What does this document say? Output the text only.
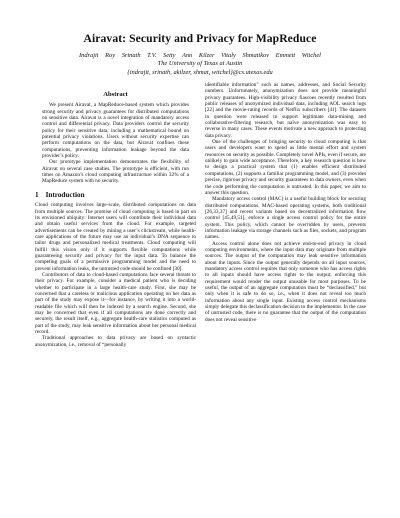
Airavat: Security and Privacy for MapReduce
Indrajit Roy Srinath T.V. Setty Ann Kilzer Vitaly Shmatikov Emmett Witchel
The University of Texas at Austin
{indrajit, srinath, akilzer, shmat, witchel}@cs.utexas.edu
Abstract

We present Airavat, a MapReduce-based system which provides strong security and privacy guarantees for distributed computations on sensitive data. Airavat is a novel integration of mandatory access control and differential privacy. Data providers control the security policy for their sensitive data, including a mathematical bound on potential privacy violations. Users without security expertise can perform computations on the data, but Airavat confines these computations, preventing information leakage beyond the data provider’s policy.

Our prototype implementation demonstrates the flexibility of Airavat on several case studies. The prototype is efficient, with run times on Amazon’s cloud computing infrastructure within 32% of a MapReduce system with no security.

1 Introduction

Cloud computing involves large-scale, distributed computations on data from multiple sources. The promise of cloud computing is based in part on its envisioned ubiquity: Internet users will contribute their individual data and obtain useful services from the cloud. For example, targeted advertisements can be created by mining a user’s clickstream, while health-care applications of the future may use an individual’s DNA sequence to tailor drugs and personalized medical treatments. Cloud computing will fulfill this vision only if it supports flexible computations while guaranteeing security and privacy for the input data. To balance the competing goals of a permissive programming model and the need to prevent information leaks, the untrusted code should be confined [30].

Contributors of data to cloud-based computations face several threats to their privacy. For example, consider a medical patient who is deciding whether to participate in a large health-care study. First, she may be concerned that a careless or malicious application operating on her data as part of the study may expose it—for instance, by writing it into a world-readable file which will then be indexed by a search engine. Second, she may be concerned that even if all computations are done correctly and securely, the result itself, e.g., aggregate health-care statistics computed as part of the study, may leak sensitive information about her personal medical record.

Traditional approaches to data privacy are based on syntactic anonymization, i.e., removal of “personally

identifiable information” such as names, addresses, and Social Security numbers. Unfortunately, anonymization does not provide meaningful privacy guarantees. High-visibility privacy fiascoes recently resulted from public releases of anonymized individual data, including AOL search logs [22] and the movie-rating records of Netflix subscribers [41]. The datasets in question were released to support legitimate data-mining and collaborative-filtering research, but naïve anonymization was easy to reverse in many cases. These events motivate a new approach to protecting data privacy.

One of the challenges of bringing security to cloud computing is that users and developers want to spend as little mental effort and system resources on security as possible. Completely novel APIs, even if secure, are unlikely to gain wide acceptance. Therefore, a key research question is how to design a practical system that (1) enables efficient distributed computations, (2) supports a familiar programming model, and (3) provides precise, rigorous privacy and security guarantees to data owners, even when the code performing the computation is untrusted. In this paper, we aim to answer this question.

Mandatory access control (MAC) is a useful building block for securing distributed computations. MAC-based operating systems, both traditional [26,33,37] and recent variants based on decentralized information flow control [45,49,51], enforce a single access control policy for the entire system. This policy, which cannot be overridden by users, prevents information leakage via storage channels such as files, sockets, and program names.

Access control alone does not achieve end-to-end privacy in cloud computing environments, where the input data may originate from multiple sources. The output of the computation may leak sensitive information about the inputs. Since the output generally depends on all input sources, mandatory access control requires that only someone who has access rights to all inputs should have access rights to the output; enforcing this requirement would render the output unusable for most purposes. To be useful, the output of an aggregate computation must be “declassified,” but only when it is safe to do so, i.e., when it does not reveal too much information about any single input. Existing access control mechanisms simply delegate this declassification decision to the implementor. In the case of untrusted code, there is no guarantee that the output of the computation does not reveal sensitive
